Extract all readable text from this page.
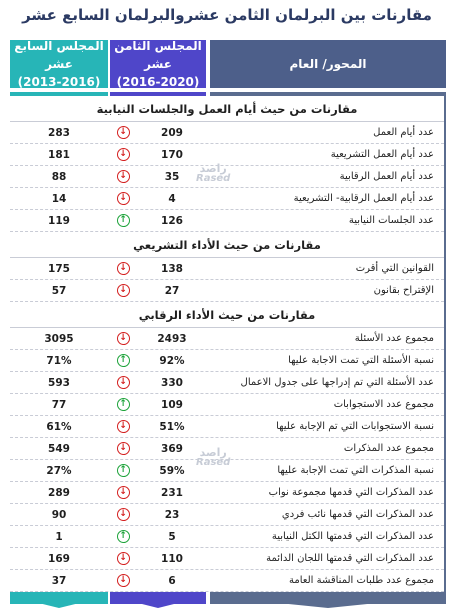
مقارنات بين البرلمان الثامن عشروالبرلمان السابع عشر
المحور/ العام
المجلس الثامن عشر
(2016-2020)
المجلس السابع عشر
(2013-2016)
مقارنات من حيث أيام العمل والجلسات النيابية
283	↓	209	عدد أيام العمل
181	↓	170	عدد أيام العمل التشريعية
88	↓	35	عدد أيام العمل الرقابية
14	↓	4	عدد أيام العمل الرقابية- التشريعية
119	↑	126	عدد الجلسات النيابية
مقارنات من حيث الأداء التشريعي
175	↓	138	القوانين التي أقرت
57	↓	27	الإقتراح بقانون
مقارنات من حيث الأداء الرقابي
3095	↓	2493	مجموع عدد الأسئلة
71%	↑	92%	نسبة الأسئلة التي تمت الاجابة عليها
593	↓	330	عدد الأسئلة التي تم إدراجها على جدول الاعمال
77	↑	109	مجموع عدد الاستجوابات
61%	↓	51%	نسبة الاستجوابات التي تم الإجابة عليها
549	↓	369	مجموع عدد المذكرات
27%	↑	59%	نسبة المذكرات التي تمت الإجابة عليها
289	↓	231	عدد المذكرات التي قدمها مجموعة نواب
90	↓	23	عدد المذكرات التي قدمها نائب فردي
1	↑	5	عدد المذكرات التي قدمتها الكتل النيابية
169	↓	110	عدد المذكرات التي قدمتها اللجان الدائمة
37	↓	6	مجموع عدد طلبات المناقشة العامة
راصد
Rased
راصد
Rased
